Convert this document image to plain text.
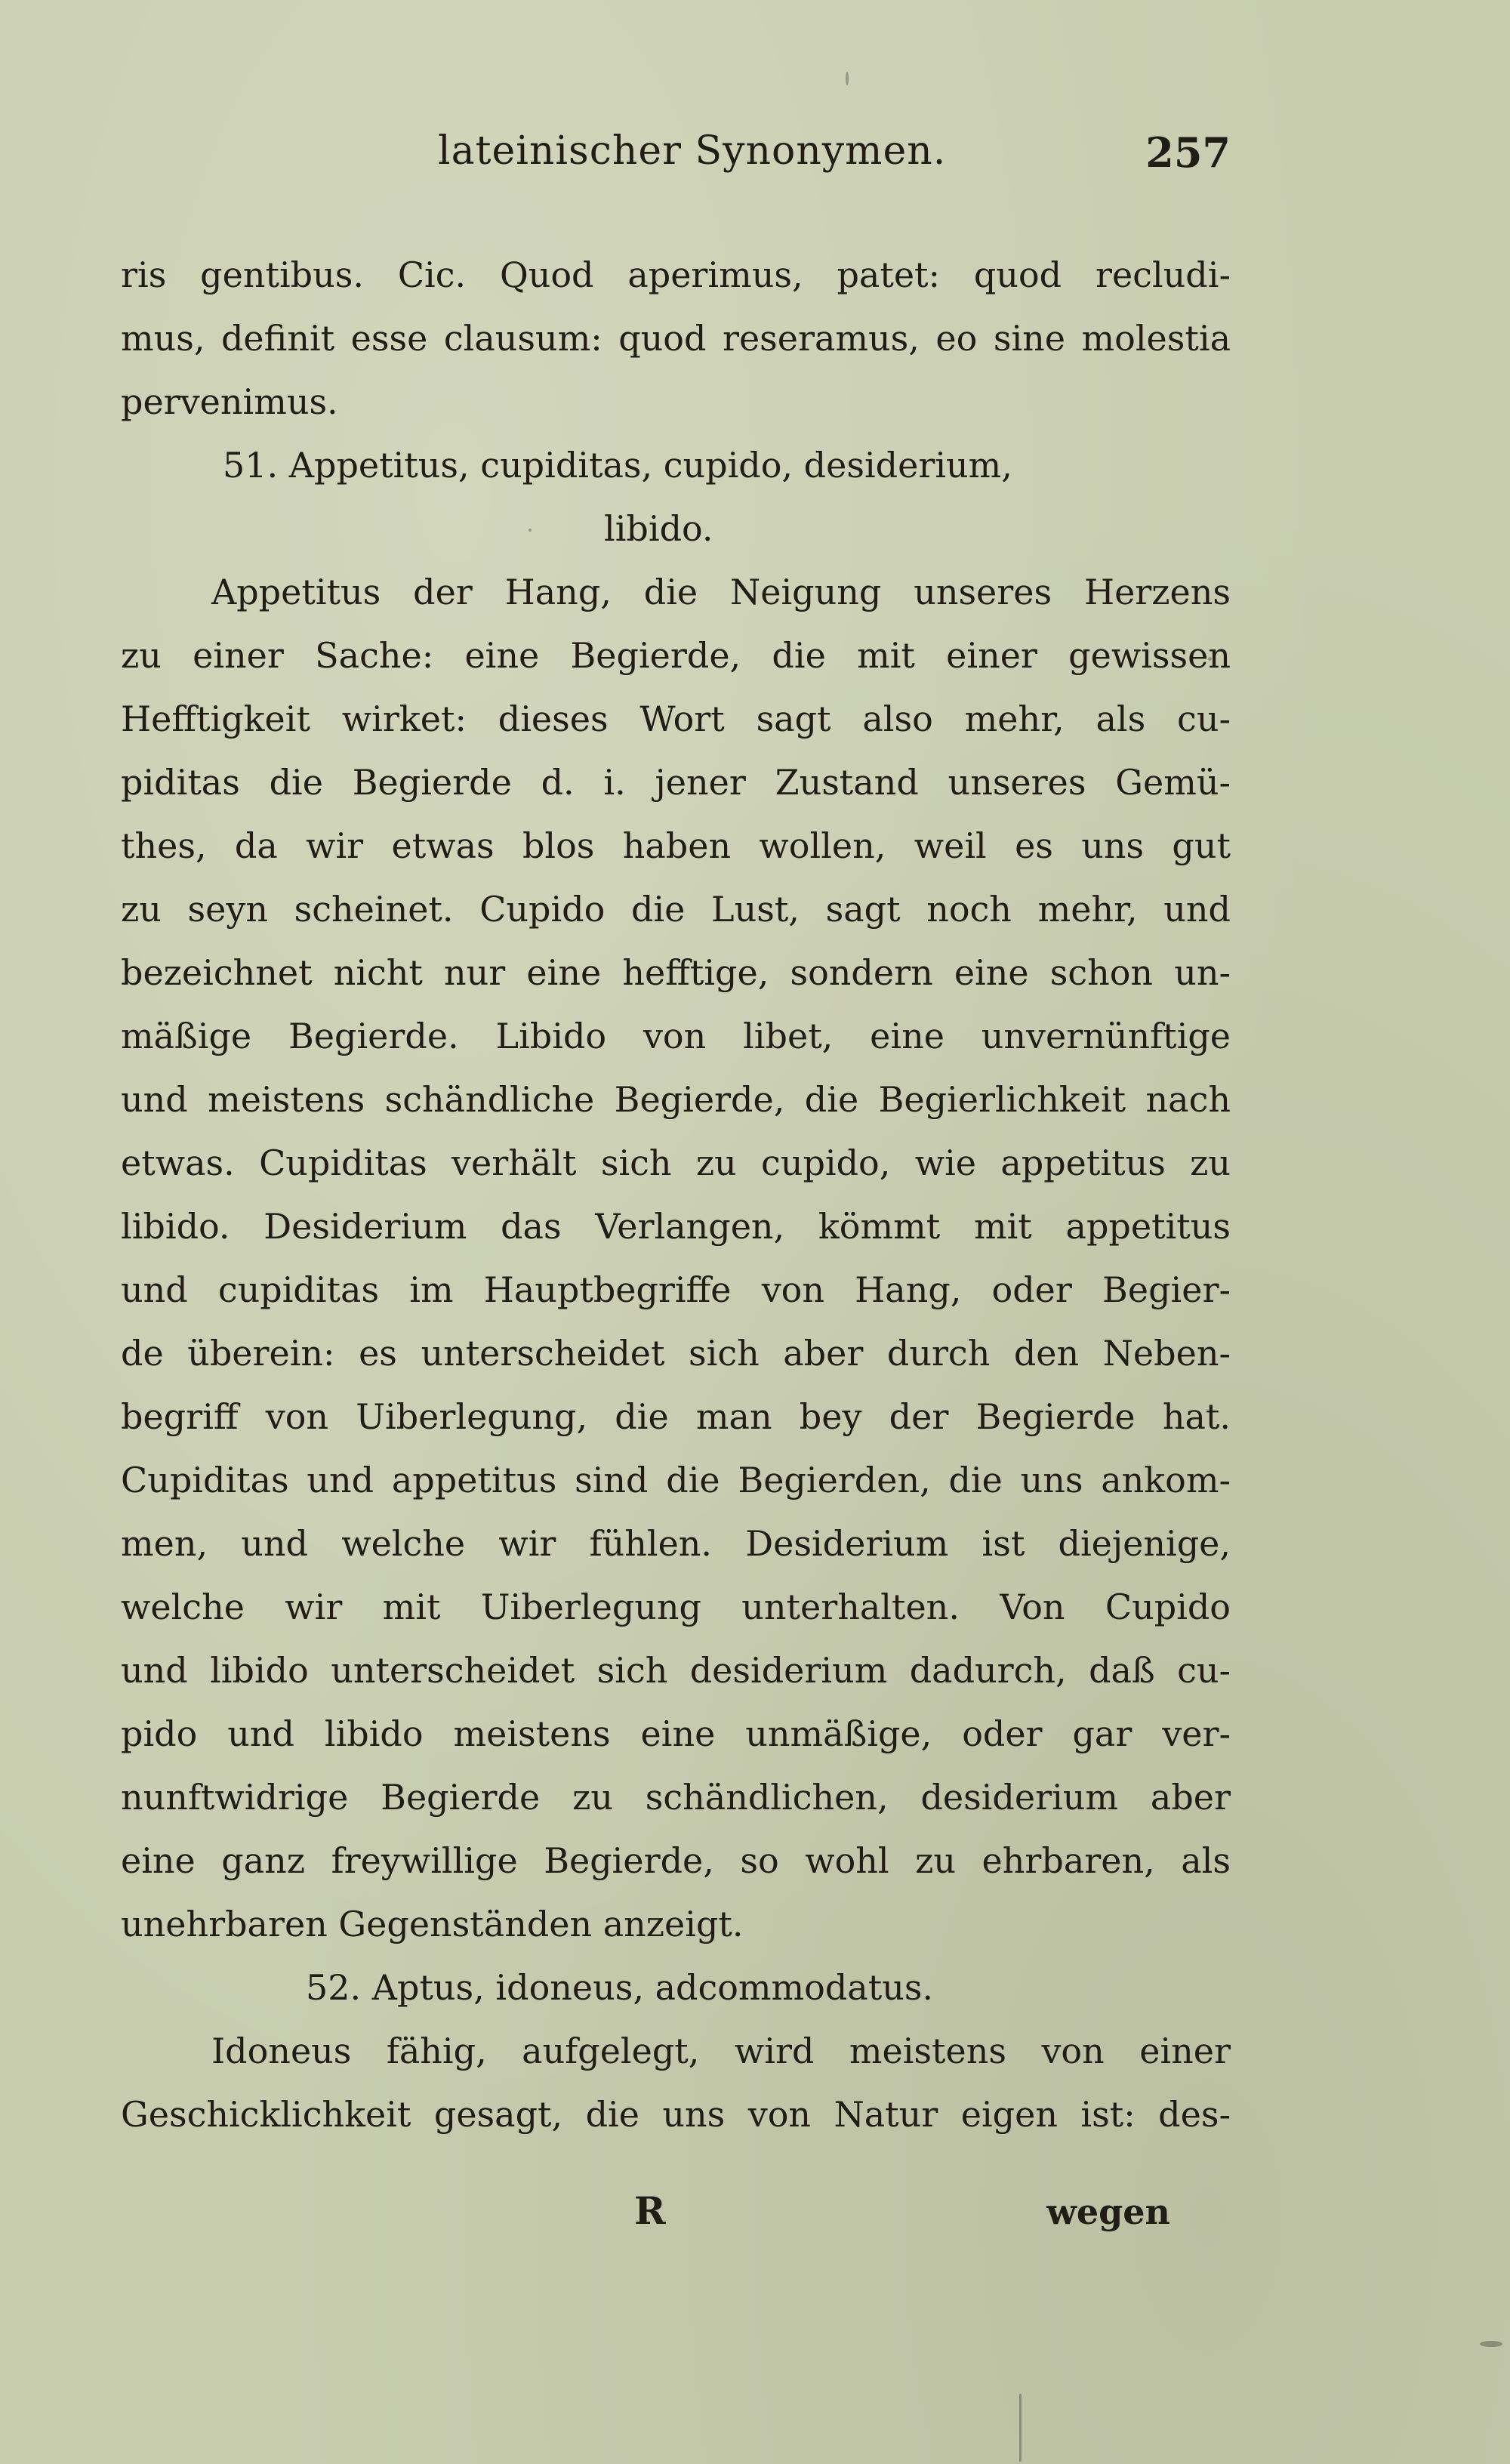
lateinischer Synonymen.	257
ris gentibus. Cic. Quod aperimus, patet: quod recludi-
mus, definit esse clausum: quod reseramus, eo sine molestia
pervenimus.
51. Appetitus, cupiditas, cupido, desiderium,
libido.
Appetitus der Hang, die Neigung unseres Herzens
zu einer Sache: eine Begierde, die mit einer gewissen
Hefftigkeit wirket: dieses Wort sagt also mehr, als cu-
piditas die Begierde d. i. jener Zustand unseres Gemü-
thes, da wir etwas blos haben wollen, weil es uns gut
zu seyn scheinet. Cupido die Lust, sagt noch mehr, und
bezeichnet nicht nur eine hefftige, sondern eine schon un-
mäßige Begierde. Libido von libet, eine unvernünftige
und meistens schändliche Begierde, die Begierlichkeit nach
etwas. Cupiditas verhält sich zu cupido, wie appetitus zu
libido. Desiderium das Verlangen, kömmt mit appetitus
und cupiditas im Hauptbegriffe von Hang, oder Begier-
de überein: es unterscheidet sich aber durch den Neben-
begriff von Uiberlegung, die man bey der Begierde hat.
Cupiditas und appetitus sind die Begierden, die uns ankom-
men, und welche wir fühlen. Desiderium ist diejenige,
welche wir mit Uiberlegung unterhalten. Von Cupido
und libido unterscheidet sich desiderium dadurch, daß cu-
pido und libido meistens eine unmäßige, oder gar ver-
nunftwidrige Begierde zu schändlichen, desiderium aber
eine ganz freywillige Begierde, so wohl zu ehrbaren, als
unehrbaren Gegenständen anzeigt.
52. Aptus, idoneus, adcommodatus.
Idoneus fähig, aufgelegt, wird meistens von einer
Geschicklichkeit gesagt, die uns von Natur eigen ist: des-
R	wegen
